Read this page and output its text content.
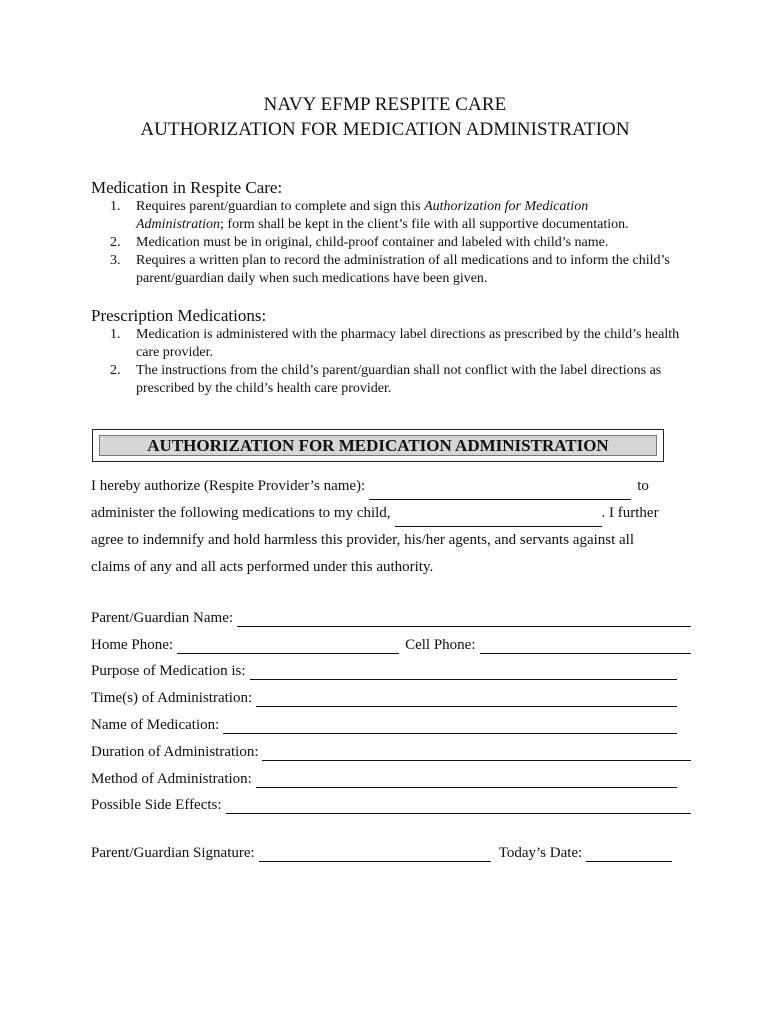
NAVY EFMP RESPITE CARE
AUTHORIZATION FOR MEDICATION ADMINISTRATION
Medication in Respite Care:
1. Requires parent/guardian to complete and sign this Authorization for Medication
Administration; form shall be kept in the client’s file with all supportive documentation.
2. Medication must be in original, child-proof container and labeled with child’s name.
3. Requires a written plan to record the administration of all medications and to inform the child’s parent/guardian daily when such medications have been given.
Prescription Medications:
1. Medication is administered with the pharmacy label directions as prescribed by the child’s health care provider.
2. The instructions from the child’s parent/guardian shall not conflict with the label directions as prescribed by the child’s health care provider.
AUTHORIZATION FOR MEDICATION ADMINISTRATION
I hereby authorize (Respite Provider’s name):	to
administer the following medications to my child,	. I further
agree to indemnify and hold harmless this provider, his/her agents, and servants against all
claims of any and all acts performed under this authority.
Parent/Guardian Name:
Home Phone:	Cell Phone:
Purpose of Medication is:
Time(s) of Administration:
Name of Medication:
Duration of Administration:
Method of Administration:
Possible Side Effects:
Parent/Guardian Signature:	Today’s Date:
